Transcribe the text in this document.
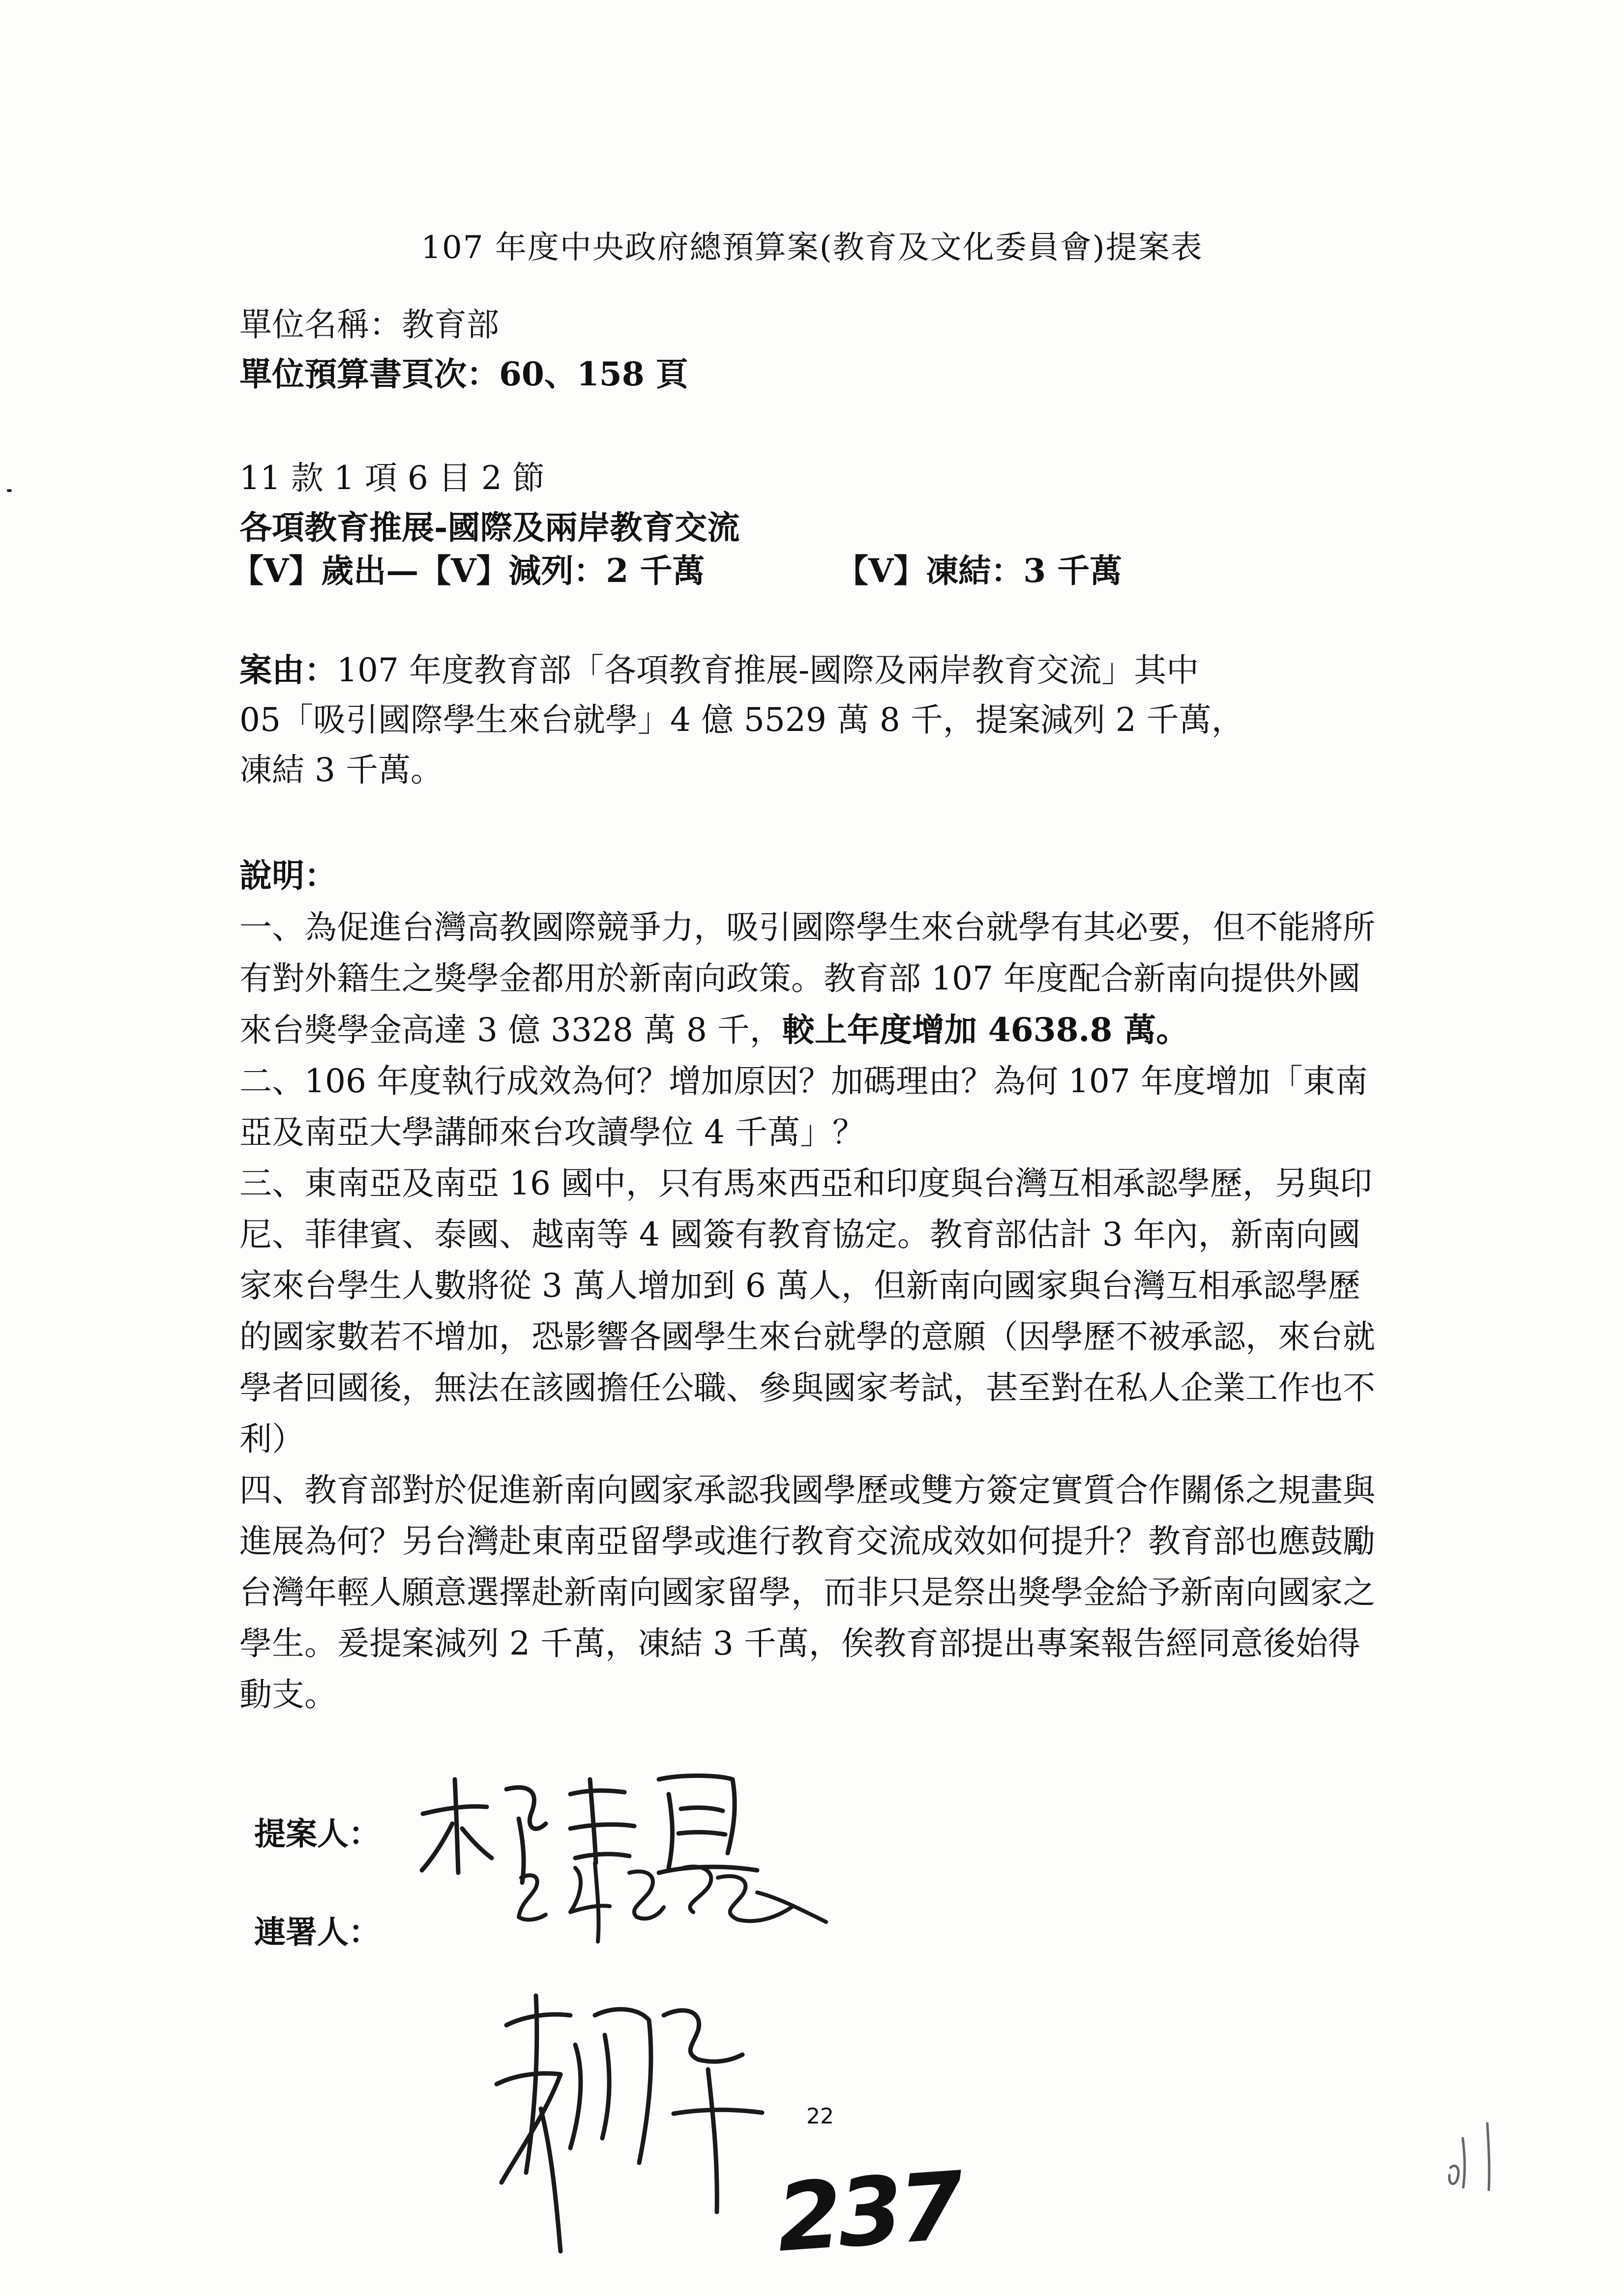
107 年度中央政府總預算案(教育及文化委員會)提案表
單位名稱：教育部
單位預算書頁次：60、158 頁
11 款 1 項 6 目 2 節
各項教育推展-國際及兩岸教育交流
【V】歲出—【V】減列：2 千萬	【V】凍結：3 千萬
案由：107 年度教育部「各項教育推展-國際及兩岸教育交流」其中
05「吸引國際學生來台就學」4 億 5529 萬 8 千，提案減列 2 千萬，
凍結 3 千萬。
說明：

一、為促進台灣高教國際競爭力，吸引國際學生來台就學有其必要，但不能將所有對外籍生之獎學金都用於新南向政策。教育部 107 年度配合新南向提供外國來台獎學金高達 3 億 3328 萬 8 千，較上年度增加 4638.8 萬。

二、106 年度執行成效為何？增加原因？加碼理由？為何 107 年度增加「東南亞及南亞大學講師來台攻讀學位 4 千萬」？

三、東南亞及南亞 16 國中，只有馬來西亞和印度與台灣互相承認學歷，另與印尼、菲律賓、泰國、越南等 4 國簽有教育協定。教育部估計 3 年內，新南向國家來台學生人數將從 3 萬人增加到 6 萬人，但新南向國家與台灣互相承認學歷的國家數若不增加，恐影響各國學生來台就學的意願（因學歷不被承認，來台就學者回國後，無法在該國擔任公職、參與國家考試，甚至對在私人企業工作也不利）

四、教育部對於促進新南向國家承認我國學歷或雙方簽定實質合作關係之規畫與進展為何？另台灣赴東南亞留學或進行教育交流成效如何提升？教育部也應鼓勵台灣年輕人願意選擇赴新南向國家留學，而非只是祭出獎學金給予新南向國家之學生。爰提案減列 2 千萬，凍結 3 千萬，俟教育部提出專案報告經同意後始得動支。

提案人：
連署人：
22
237
